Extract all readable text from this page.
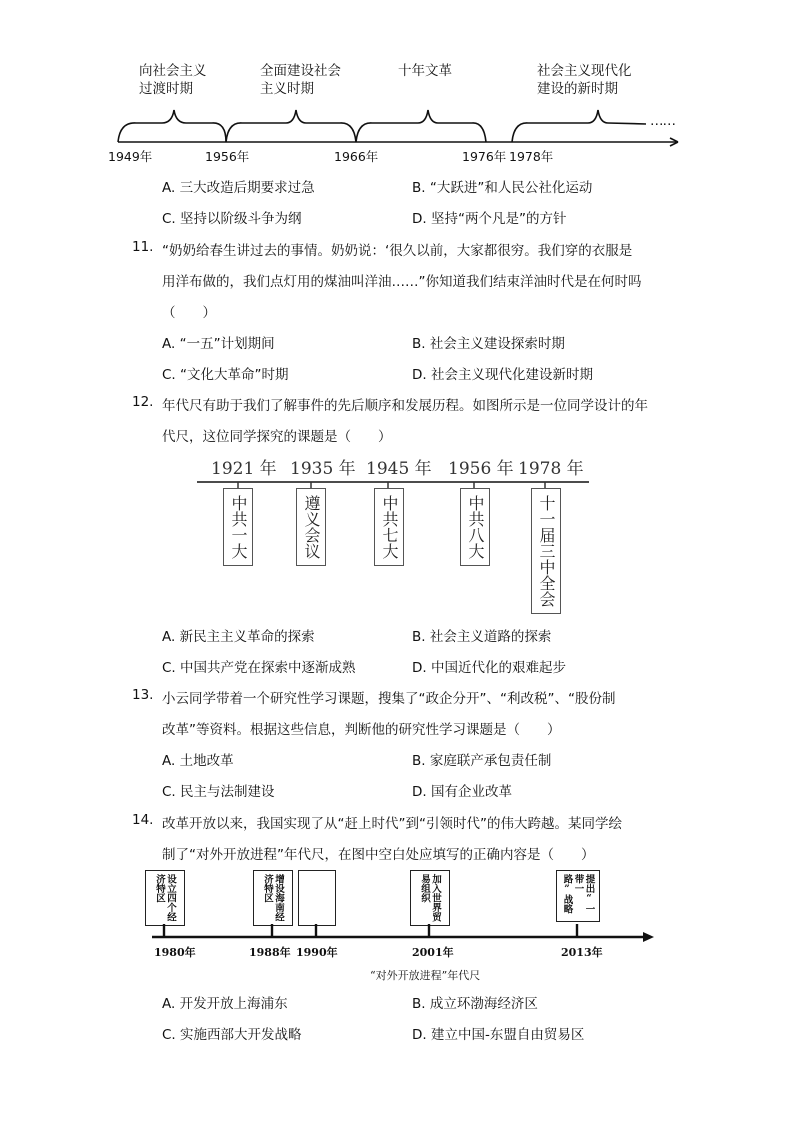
向社会主义
过渡时期
全面建设社会
主义时期
十年文革	社会主义现代化
建设的新时期
……
1949年	1956年	1966年	1976年 1978年
A. 三大改造后期要求过急	B. “大跃进”和人民公社化运动
C. 坚持以阶级斗争为纲	D. 坚持“两个凡是”的方针
11. “奶奶给春生讲过去的事情。奶奶说：‘很久以前，大家都很穷。我们穿的衣服是
用洋布做的，我们点灯用的煤油叫洋油……”你知道我们结束洋油时代是在何时吗
（　　）
A. “一五”计划期间	B. 社会主义建设探索时期
C. “文化大革命”时期	D. 社会主义现代化建设新时期
12. 年代尺有助于我们了解事件的先后顺序和发展历程。如图所示是一位同学设计的年
代尺，这位同学探究的课题是（　　）
1921 年 1935 年 1945 年 1956 年 1978 年
中共一大	遵义会议	中共七大	中共八大	十一届三中全会
A. 新民主主义革命的探索	B. 社会主义道路的探索
C. 中国共产党在探索中逐渐成熟	D. 中国近代化的艰难起步
13. 小云同学带着一个研究性学习课题，搜集了“政企分开”、“利改税”、“股份制
改革”等资料。根据这些信息，判断他的研究性学习课题是（　　）
A. 土地改革	B. 家庭联产承包责任制
C. 民主与法制建设	D. 国有企业改革
14. 改革开放以来，我国实现了从“赶上时代”到“引领时代”的伟大跨越。某同学绘
制了“对外开放进程”年代尺，在图中空白处应填写的正确内容是（　　）
设立四个经济特区	增设海南经济特区	加入世界贸易组织	提出“一带一路”战略
1980年	1988年 1990年	2001年	2013年
“对外开放进程”年代尺
A. 开发开放上海浦东	B. 成立环渤海经济区
C. 实施西部大开发战略	D. 建立中国-东盟自由贸易区
